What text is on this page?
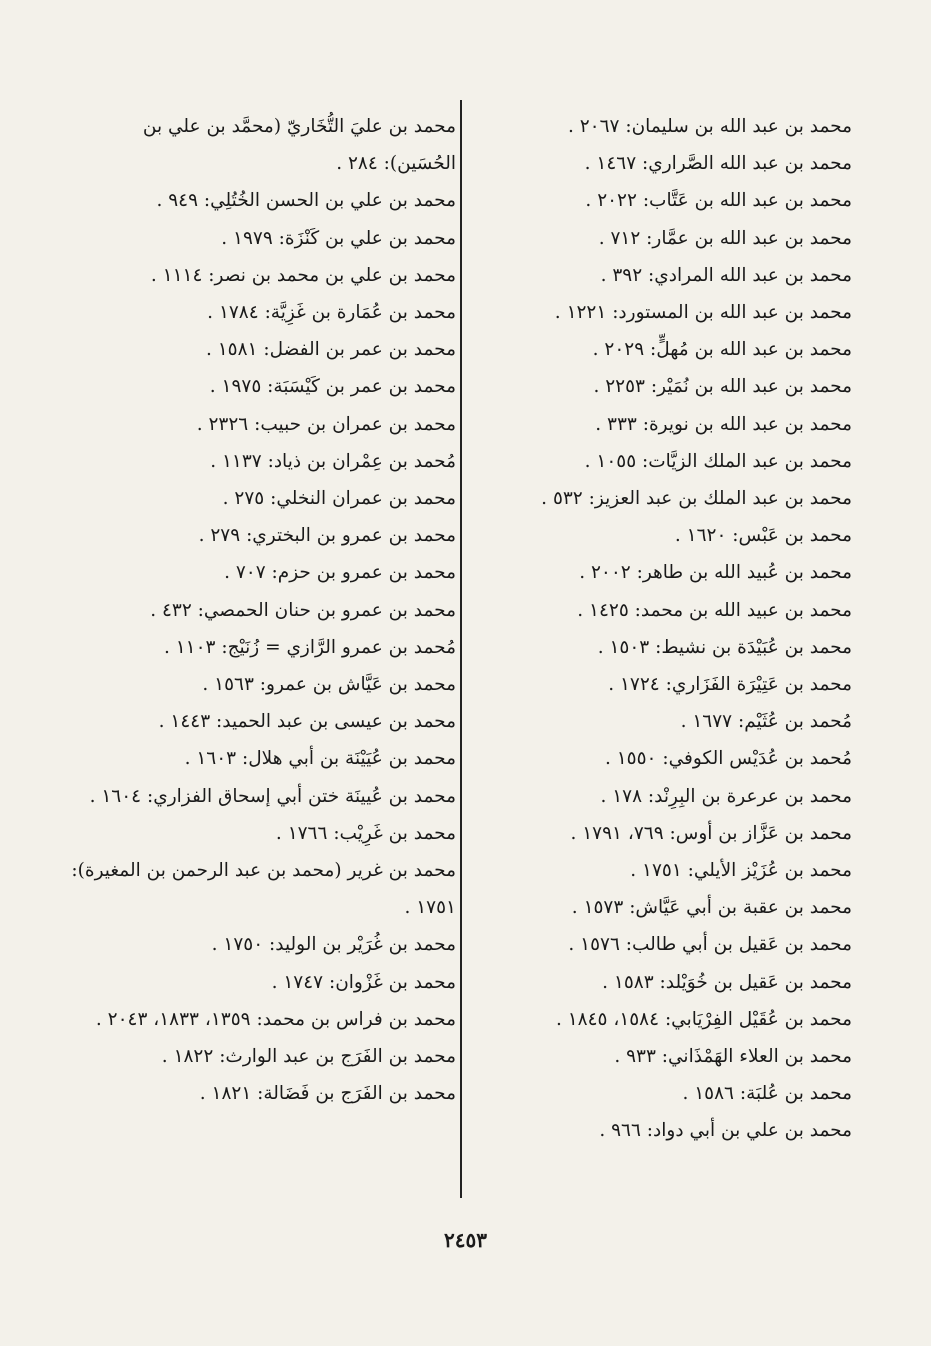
محمد بن عبد الله بن سليمان: ٢٠٦٧ .
محمد بن عبد الله الصَّراري: ١٤٦٧ .
محمد بن عبد الله بن عَتَّاب: ٢٠٢٢ .
محمد بن عبد الله بن عمَّار: ٧١٢ .
محمد بن عبد الله المرادي: ٣٩٢ .
محمد بن عبد الله بن المستورد: ١٢٢١ .
محمد بن عبد الله بن مُهلٍّ: ٢٠٢٩ .
محمد بن عبد الله بن نُمَيْر: ٢٢٥٣ .
محمد بن عبد الله بن نويرة: ٣٣٣ .
محمد بن عبد الملك الزيَّات: ١٠٥٥ .
محمد بن عبد الملك بن عبد العزيز: ٥٣٢ .
محمد بن عَبْس: ١٦٢٠ .
محمد بن عُبيد الله بن طاهر: ٢٠٠٢ .
محمد بن عبيد الله بن محمد: ١٤٢٥ .
محمد بن عُبَيْدَة بن نشيط: ١٥٠٣ .
محمد بن عَتِيْرَة الفَزَاري: ١٧٢٤ .
مُحمد بن عُثَيْم: ١٦٧٧ .
مُحمد بن عُدَيْس الكوفي: ١٥٥٠ .
محمد بن عرعرة بن البِرِنْد: ١٧٨ .
محمد بن عَزَّاز بن أوس: ٧٦٩، ١٧٩١ .
محمد بن عُزَيْز الأيلي: ١٧٥١ .
محمد بن عقبة بن أبي عَيَّاش: ١٥٧٣ .
محمد بن عَقيل بن أبي طالب: ١٥٧٦ .
محمد بن عَقيل بن خُوَيْلد: ١٥٨٣ .
محمد بن عُقَيْل الفِرْيَابي: ١٥٨٤، ١٨٤٥ .
محمد بن العلاء الهَمْذَاني: ٩٣٣ .
محمد بن عُلبَة: ١٥٨٦ .
محمد بن علي بن أبي دواد: ٩٦٦ .
محمد بن عليَ التُّخَاريّ (محمَّد بن علي بن الحُسَين): ٢٨٤ .
محمد بن علي بن الحسن الخُتُلِي: ٩٤٩ .
محمد بن علي بن كَنْزَة: ١٩٧٩ .
محمد بن علي بن محمد بن نصر: ١١١٤ .
محمد بن عُمَارة بن غَزِيَّة: ١٧٨٤ .
محمد بن عمر بن الفضل: ١٥٨١ .
محمد بن عمر بن كَيْسَبَة: ١٩٧٥ .
محمد بن عمران بن حبيب: ٢٣٢٦ .
مُحمد بن عِمْران بن ذياد: ١١٣٧ .
محمد بن عمران النخلي: ٢٧٥ .
محمد بن عمرو بن البختري: ٢٧٩ .
محمد بن عمرو بن حزم: ٧٠٧ .
محمد بن عمرو بن حنان الحمصي: ٤٣٢ .
مُحمد بن عمرو الرَّازي = زُنَيْج: ١١٠٣ .
محمد بن عَيَّاش بن عمرو: ١٥٦٣ .
محمد بن عيسى بن عبد الحميد: ١٤٤٣ .
محمد بن عُيَيْنَة بن أبي هلال: ١٦٠٣ .
محمد بن عُيينَة ختن أبي إسحاق الفزاري: ١٦٠٤ .
محمد بن غَرِيْب: ١٧٦٦ .
محمد بن غرير (محمد بن عبد الرحمن بن المغيرة): ١٧٥١ .
محمد بن غُرَيْر بن الوليد: ١٧٥٠ .
محمد بن غَزْوان: ١٧٤٧ .
محمد بن فراس بن محمد: ١٣٥٩، ١٨٣٣، ٢٠٤٣ .
محمد بن الفَرَج بن عبد الوارث: ١٨٢٢ .
محمد بن الفَرَج بن فَضَالة: ١٨٢١ .
٢٤٥٣
